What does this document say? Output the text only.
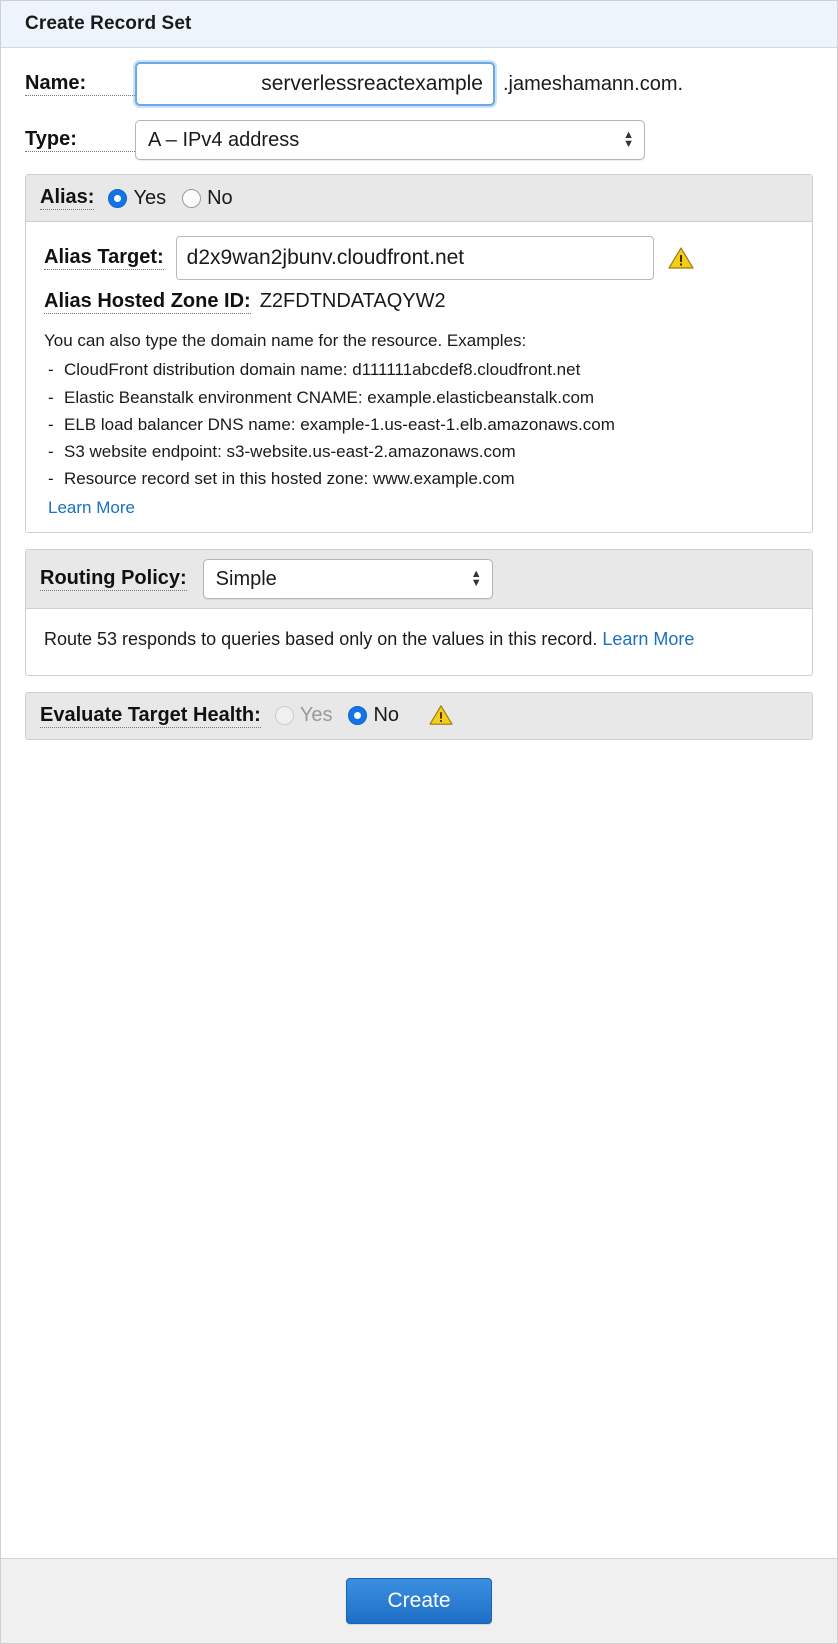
Create Record Set
Name:
serverlessreactexample	.jameshamann.com.
Type:
A – IPv4 address	▲
▼
Alias: Yes No
Alias Target:
d2x9wan2jbunv.cloudfront.net
Alias Hosted Zone ID: Z2FDTNDATAQYW2
You can also type the domain name for the resource. Examples:
- CloudFront distribution domain name: d111111abcdef8.cloudfront.net
- Elastic Beanstalk environment CNAME: example.elasticbeanstalk.com
- ELB load balancer DNS name: example-1.us-east-1.elb.amazonaws.com
- S3 website endpoint: s3-website.us-east-2.amazonaws.com
- Resource record set in this hosted zone: www.example.com
Learn More
Routing Policy:
Simple	▲
▼
Route 53 responds to queries based only on the values in this record. Learn More
Evaluate Target Health: Yes No
Create
